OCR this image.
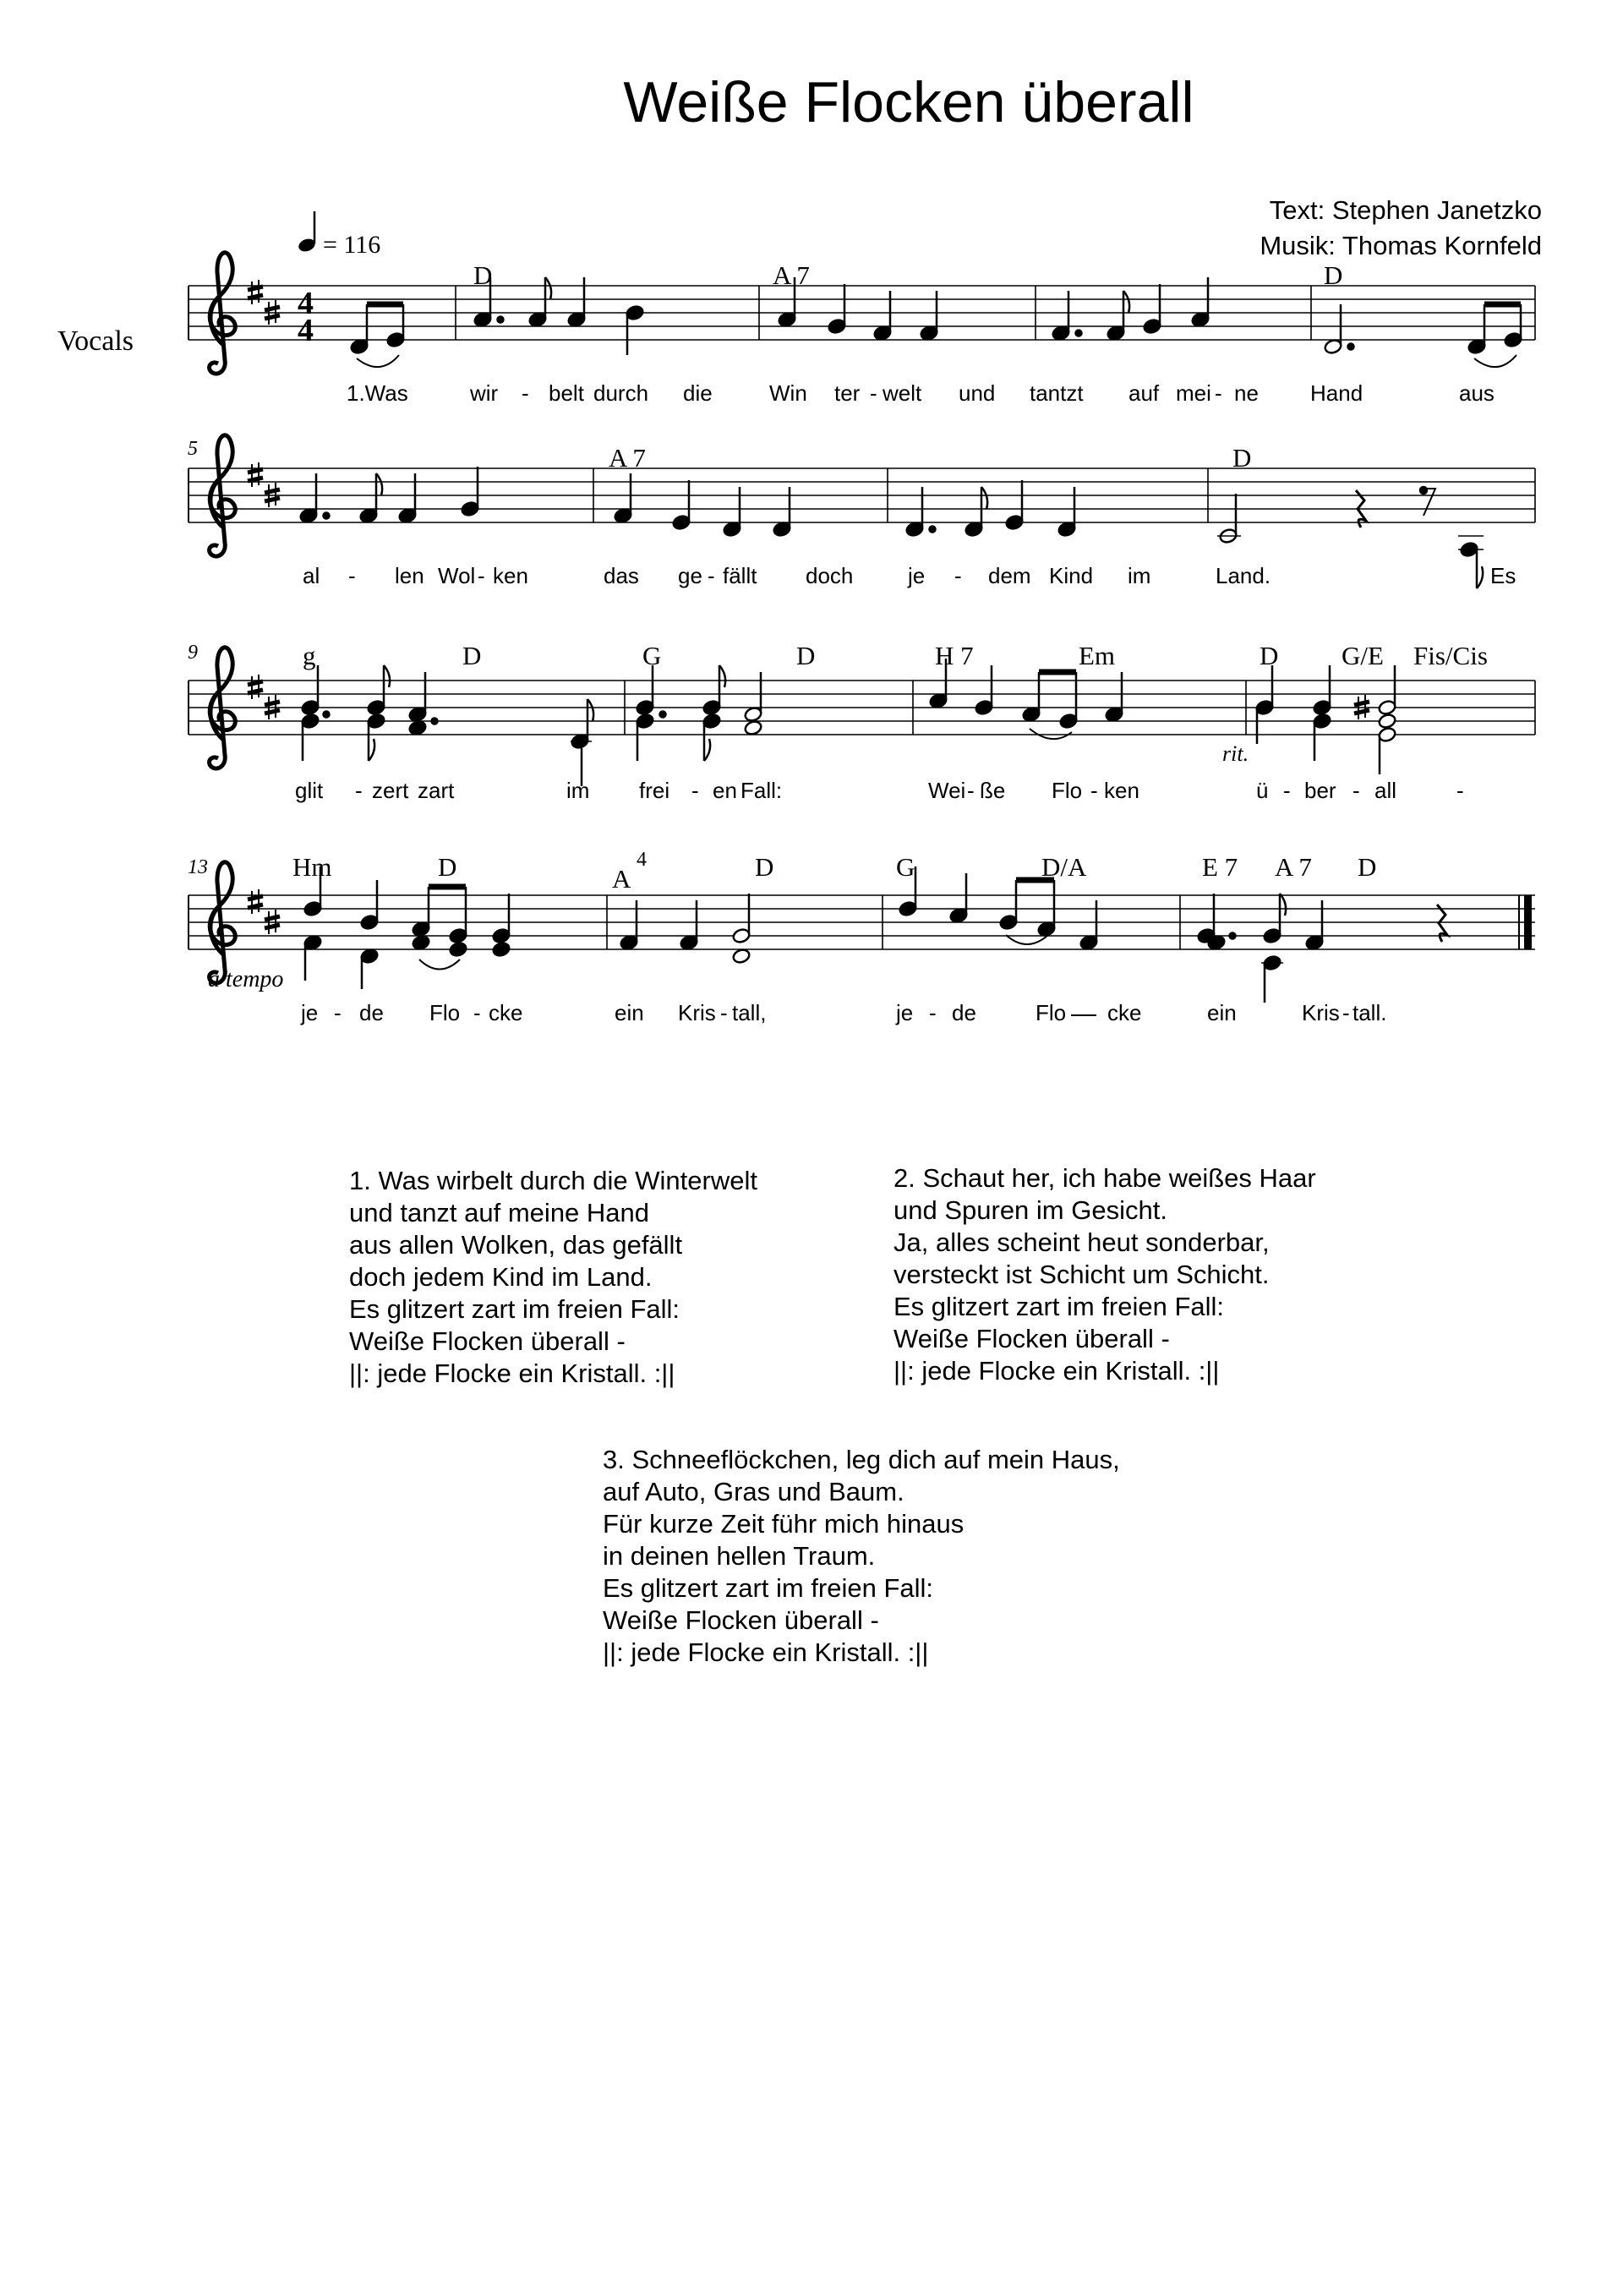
Weiße Flocken überall
Text: Stephen Janetzko
Musik: Thomas Kornfeld
Vocals
= 116
4
4
D	A 7	D
1.Was	wir - belt durch die	Win ter - welt und tantzt auf mei - ne Hand	aus
5	A 7	D
al - len Wol - ken	das ge - fällt doch je - dem Kind im	Land.	Es
9	g	D	G	D	H 7	Em	D G/E Fis/Cis
rit.
glit - zert zart	im frei - en Fall:	Wei - ße Flo - ken	ü - ber - all	-
13	Hm	D	A
4	D	G	D/A	E 7 A 7 D
a tempo
je - de Flo - cke	ein Kris - tall,	je - de	Flo cke	ein	Kris - tall.
1. Was wirbelt durch die Winterwelt
und tanzt auf meine Hand
aus allen Wolken, das gefällt
doch jedem Kind im Land.
Es glitzert zart im freien Fall:
Weiße Flocken überall -
||: jede Flocke ein Kristall. :||
2. Schaut her, ich habe weißes Haar
und Spuren im Gesicht.
Ja, alles scheint heut sonderbar,
versteckt ist Schicht um Schicht.
Es glitzert zart im freien Fall:
Weiße Flocken überall -
||: jede Flocke ein Kristall. :||
3. Schneeflöckchen, leg dich auf mein Haus,
auf Auto, Gras und Baum.
Für kurze Zeit führ mich hinaus
in deinen hellen Traum.
Es glitzert zart im freien Fall:
Weiße Flocken überall -
||: jede Flocke ein Kristall. :||
